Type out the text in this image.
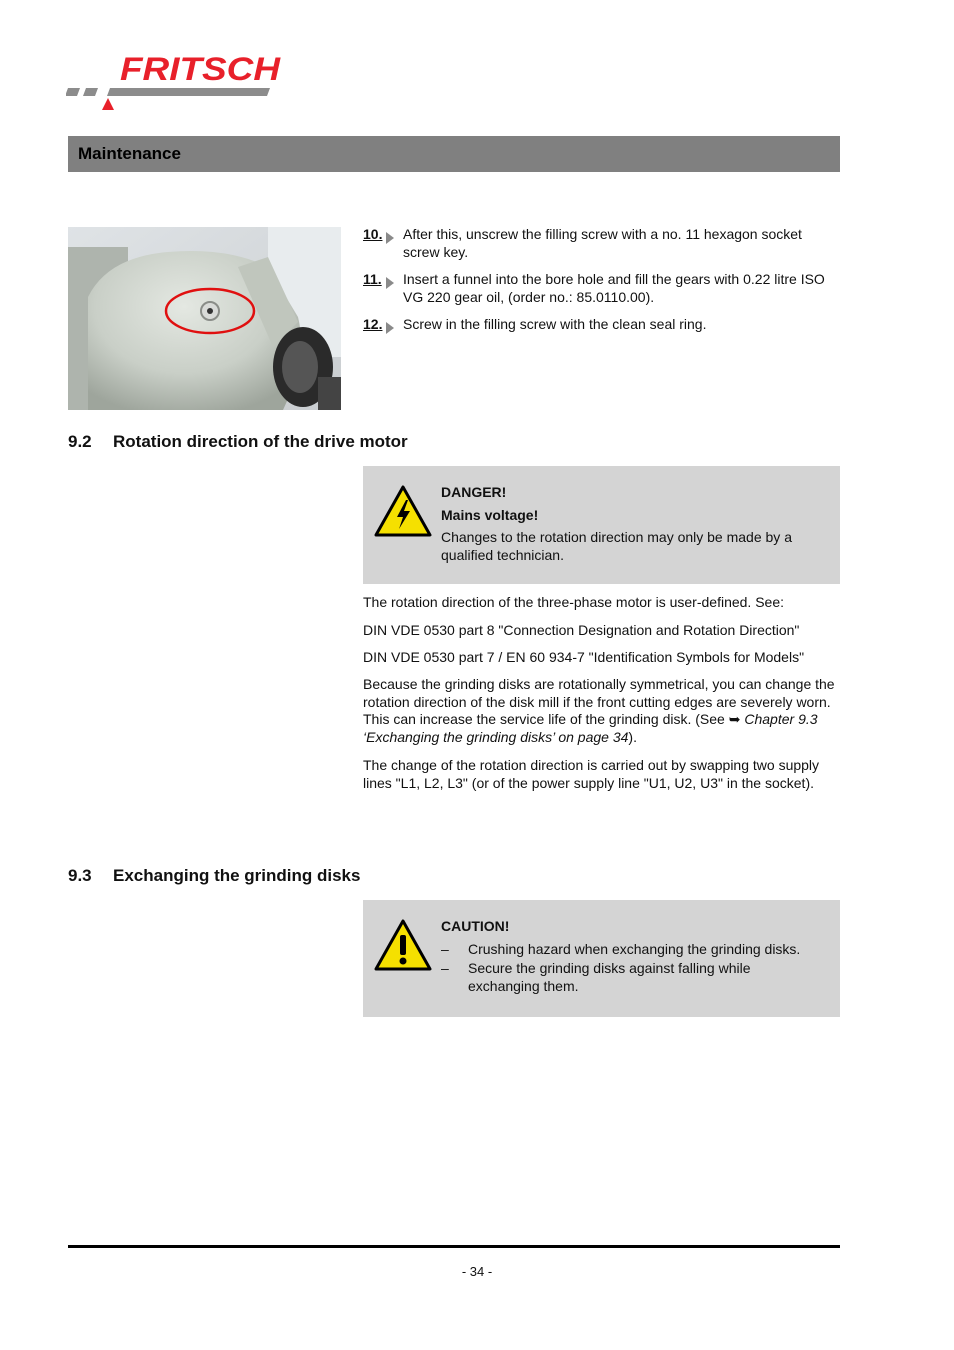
FRITSCH
Maintenance
10.	After this, unscrew the filling screw with a no. 11 hexagon socket screw key.
11.	Insert a funnel into the bore hole and fill the gears with 0.22 litre ISO VG 220 gear oil, (order no.: 85.0110.00).
12.	Screw in the filling screw with the clean seal ring.
9.2 Rotation direction of the drive motor
DANGER!
Mains voltage!
Changes to the rotation direction may only be made by a qualified technician.
The rotation direction of the three-phase motor is user-defined. See:
DIN VDE 0530 part 8 "Connection Designation and Rotation Direction"
DIN VDE 0530 part 7 / EN 60 934-7 "Identification Symbols for Models"
Because the grinding disks are rotationally symmetrical, you can change the rotation direction of the disk mill if the front cutting edges are severely worn. This can increase the service life of the grinding disk. (See ➥ Chapter 9.3 ‘Exchanging the grinding disks’ on page 34).
The change of the rotation direction is carried out by swapping two supply lines "L1, L2, L3" (or of the power supply line "U1, U2, U3" in the socket).
9.3 Exchanging the grinding disks
CAUTION!
–	Crushing hazard when exchanging the grinding disks.
–	Secure the grinding disks against falling while exchanging them.
- 34 -
